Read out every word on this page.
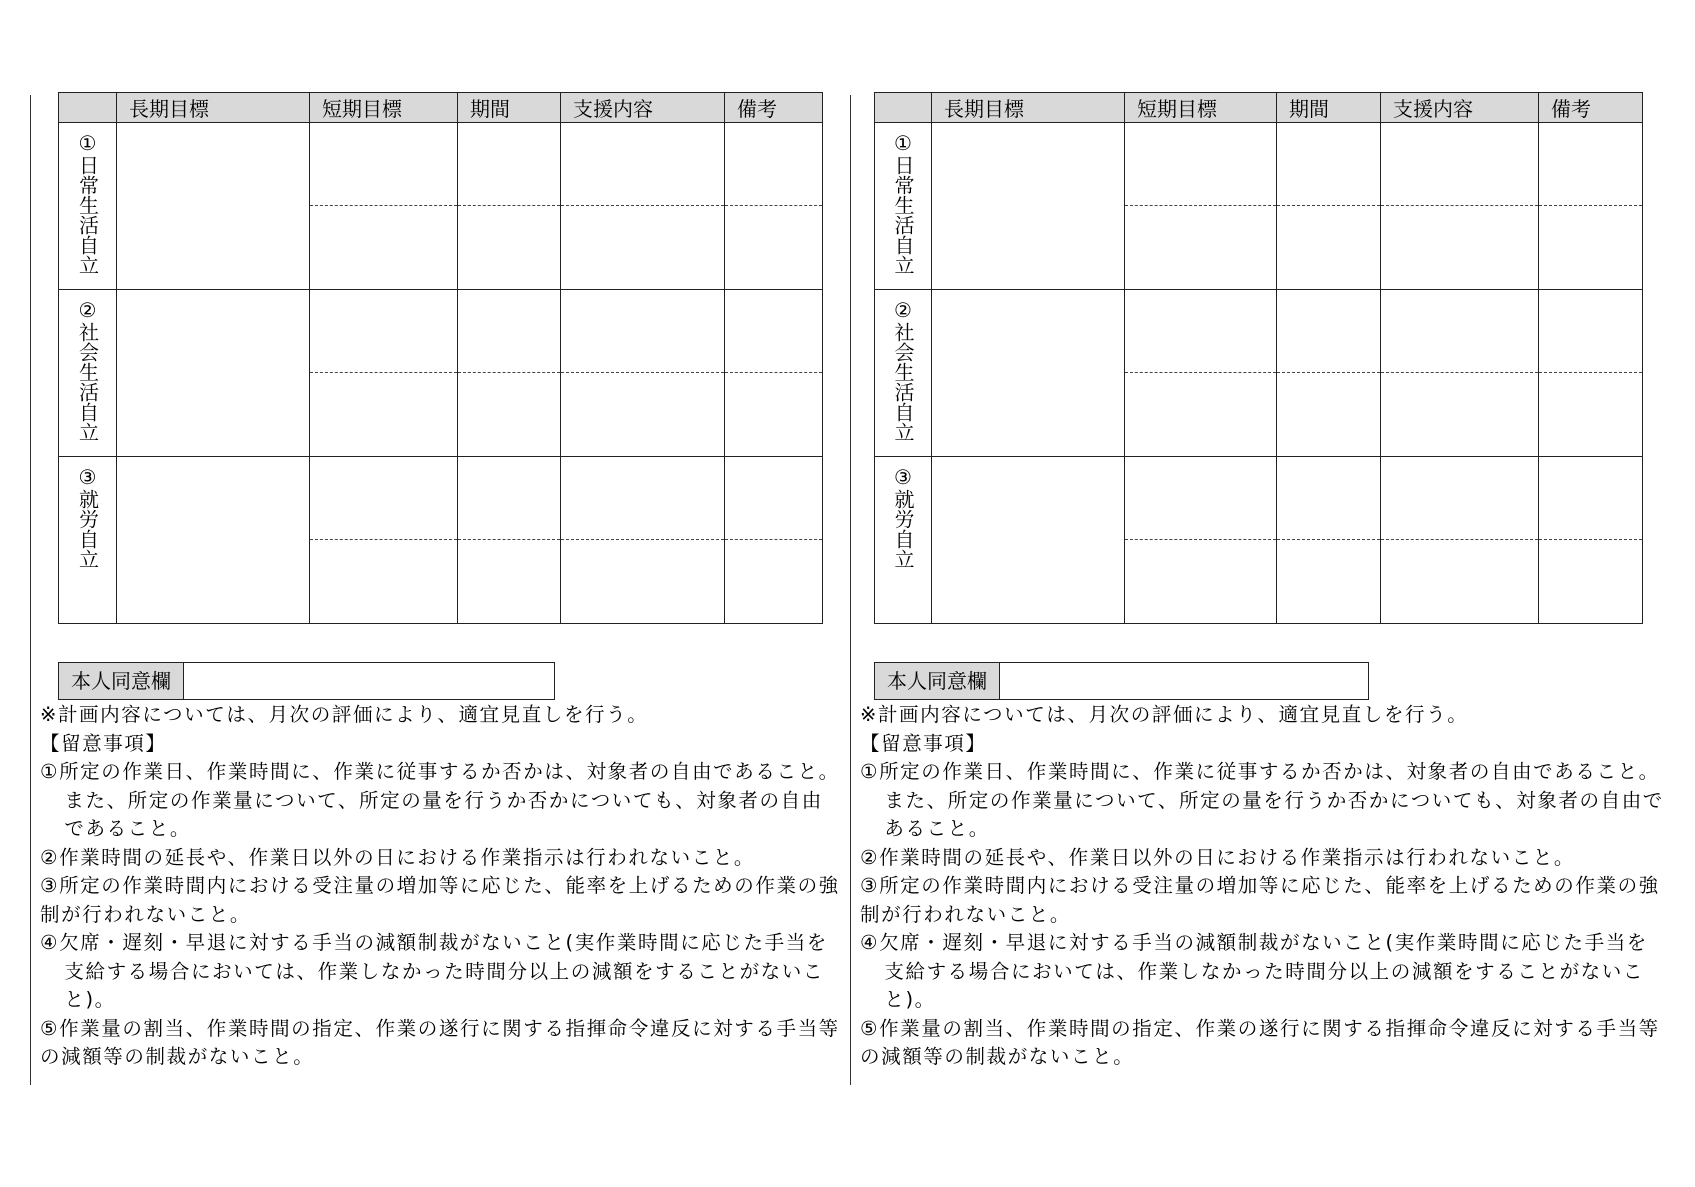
	長期目標	短期目標	期間	支援内容	備考
①日常生活自立	

②社会生活自立	

③就労自立	

本人同意欄

※計画内容については、月次の評価により、適宜見直しを行う。

【留意事項】

①所定の作業日、作業時間に、作業に従事するか否かは、対象者の自由であること。また、所定の作業量について、所定の量を行うか否かについても、対象者の自由であること。

②作業時間の延長や、作業日以外の日における作業指示は行われないこと。

③所定の作業時間内における受注量の増加等に応じた、能率を上げるための作業の強制が行われないこと。

④欠席・遅刻・早退に対する手当の減額制裁がないこと(実作業時間に応じた手当を支給する場合においては、作業しなかった時間分以上の減額をすることがないこと)。

⑤作業量の割当、作業時間の指定、作業の遂行に関する指揮命令違反に対する手当等の減額等の制裁がないこと。

	長期目標	短期目標	期間	支援内容	備考
①日常生活自立	

②社会生活自立	

③就労自立	

本人同意欄

※計画内容については、月次の評価により、適宜見直しを行う。

【留意事項】

①所定の作業日、作業時間に、作業に従事するか否かは、対象者の自由であること。また、所定の作業量について、所定の量を行うか否かについても、対象者の自由であること。

②作業時間の延長や、作業日以外の日における作業指示は行われないこと。

③所定の作業時間内における受注量の増加等に応じた、能率を上げるための作業の強制が行われないこと。

④欠席・遅刻・早退に対する手当の減額制裁がないこと(実作業時間に応じた手当を支給する場合においては、作業しなかった時間分以上の減額をすることがないこと)。

⑤作業量の割当、作業時間の指定、作業の遂行に関する指揮命令違反に対する手当等の減額等の制裁がないこと。
